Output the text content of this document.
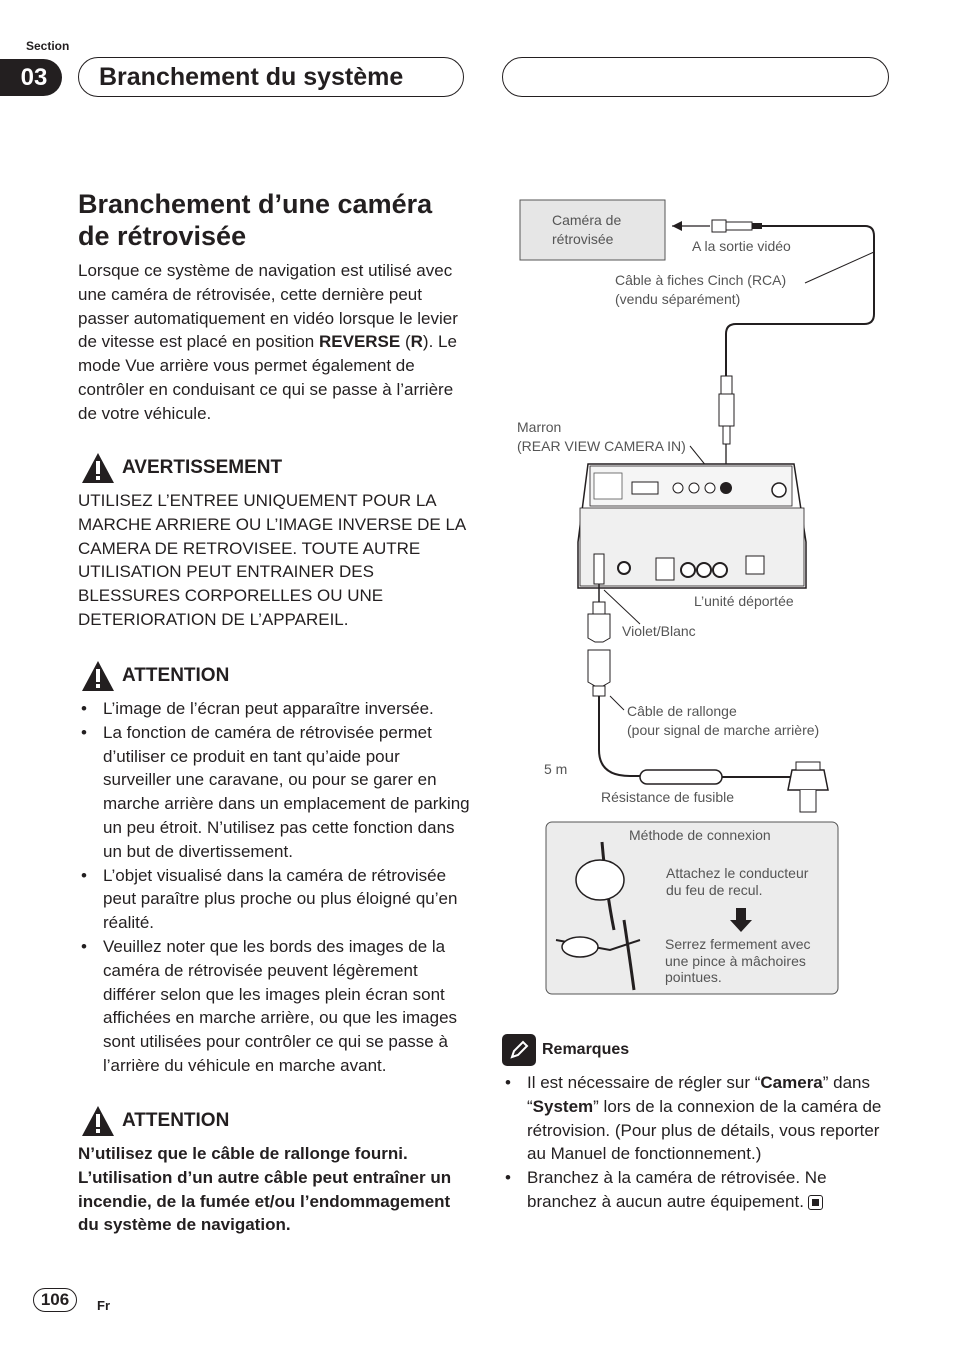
Section
03	Branchement du système
Branchement d’une caméra de rétrovisée

Lorsque ce système de navigation est utilisé avec une caméra de rétrovisée, cette dernière peut passer automatiquement en vidéo lorsque le levier de vitesse est placé en position REVERSE (R). Le mode Vue arrière vous permet également de contrôler en conduisant ce qui se passe à l’arrière de votre véhicule.

AVERTISSEMENT
UTILISEZ L’ENTREE UNIQUEMENT POUR LA MARCHE ARRIERE OU L’IMAGE INVERSE DE LA CAMERA DE RETROVISEE. TOUTE AUTRE UTILISATION PEUT ENTRAINER DES BLESSURES CORPORELLES OU UNE DETERIORATION DE L’APPAREIL.
ATTENTION
• L’image de l’écran peut apparaître inversée.
• La fonction de caméra de rétrovisée permet d’utiliser ce produit en tant qu’aide pour surveiller une caravane, ou pour se garer en marche arrière dans un emplacement de parking un peu étroit. N’utilisez pas cette fonction dans un but de divertissement.
• L’objet visualisé dans la caméra de rétrovisée peut paraître plus proche ou plus éloigné qu’en réalité.
• Veuillez noter que les bords des images de la caméra de rétrovisée peuvent légèrement différer selon que les images plein écran sont affichées en marche arrière, ou que les images sont utilisées pour contrôler ce qui se passe à l’arrière du véhicule en marche avant.
ATTENTION
N’utilisez que le câble de rallonge fourni. L’utilisation d’un autre câble peut entraîner un incendie, de la fumée et/ou l’endommagement du système de navigation.
Caméra de
rétrovisée	A la sortie vidéo
Câble à fiches Cinch (RCA)
(vendu séparément)
Marron
(REAR VIEW CAMERA IN)
L’unité déportée
Violet/Blanc
Câble de rallonge
(pour signal de marche arrière)
5 m
Résistance de fusible
Méthode de connexion
Attachez le conducteur
du feu de recul.
Serrez fermement avec
une pince à mâchoires
pointues.
Remarques
• Il est nécessaire de régler sur “Camera” dans “System” lors de la connexion de la caméra de rétrovision. (Pour plus de détails, vous reporter au Manuel de fonctionnement.)
• Branchez à la caméra de rétrovisée. Ne branchez à aucun autre équipement.
106	Fr
